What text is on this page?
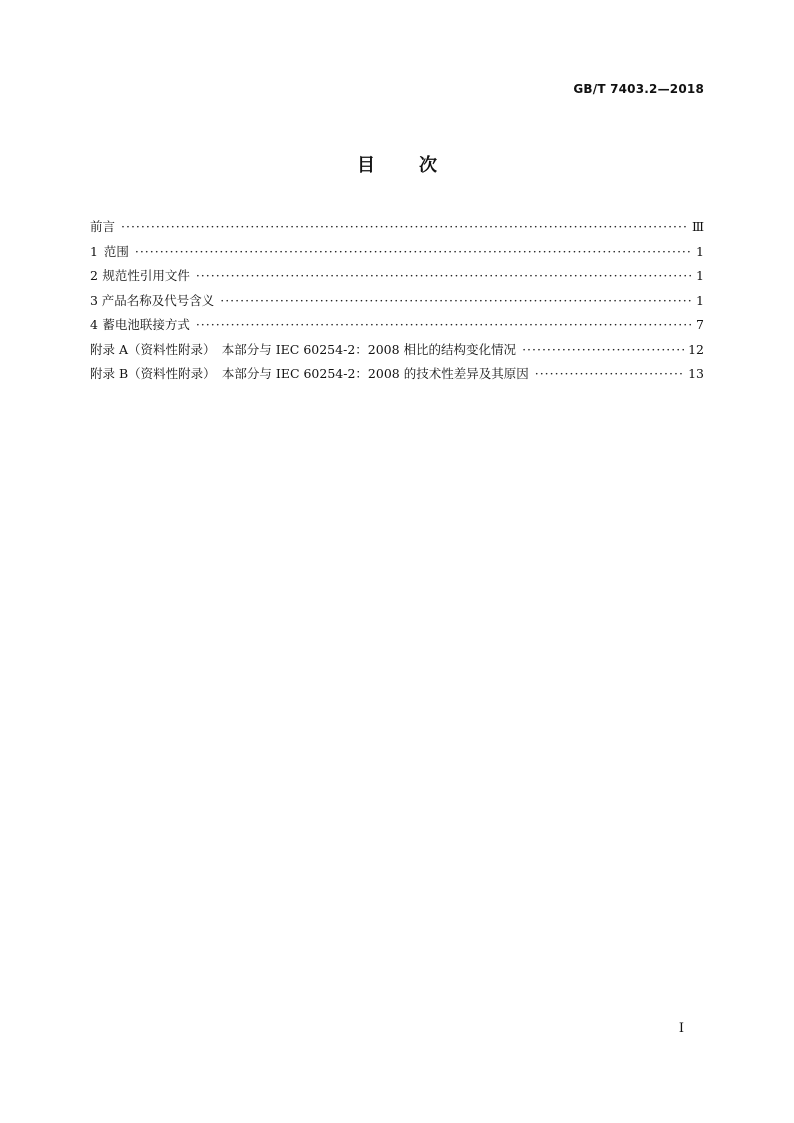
GB/T 7403.2—2018
目次
前言 ·····	Ⅲ
1 范围 ·····	1
2 规范性引用文件 ·····	1
3 产品名称及代号含义 ·····	1
4 蓄电池联接方式 ·····	7
附录 A（资料性附录）　本部分与 IEC 60254-2：2008 相比的结构变化情况 ·····	12
附录 B（资料性附录）　本部分与 IEC 60254-2：2008 的技术性差异及其原因 ·····	13
I
